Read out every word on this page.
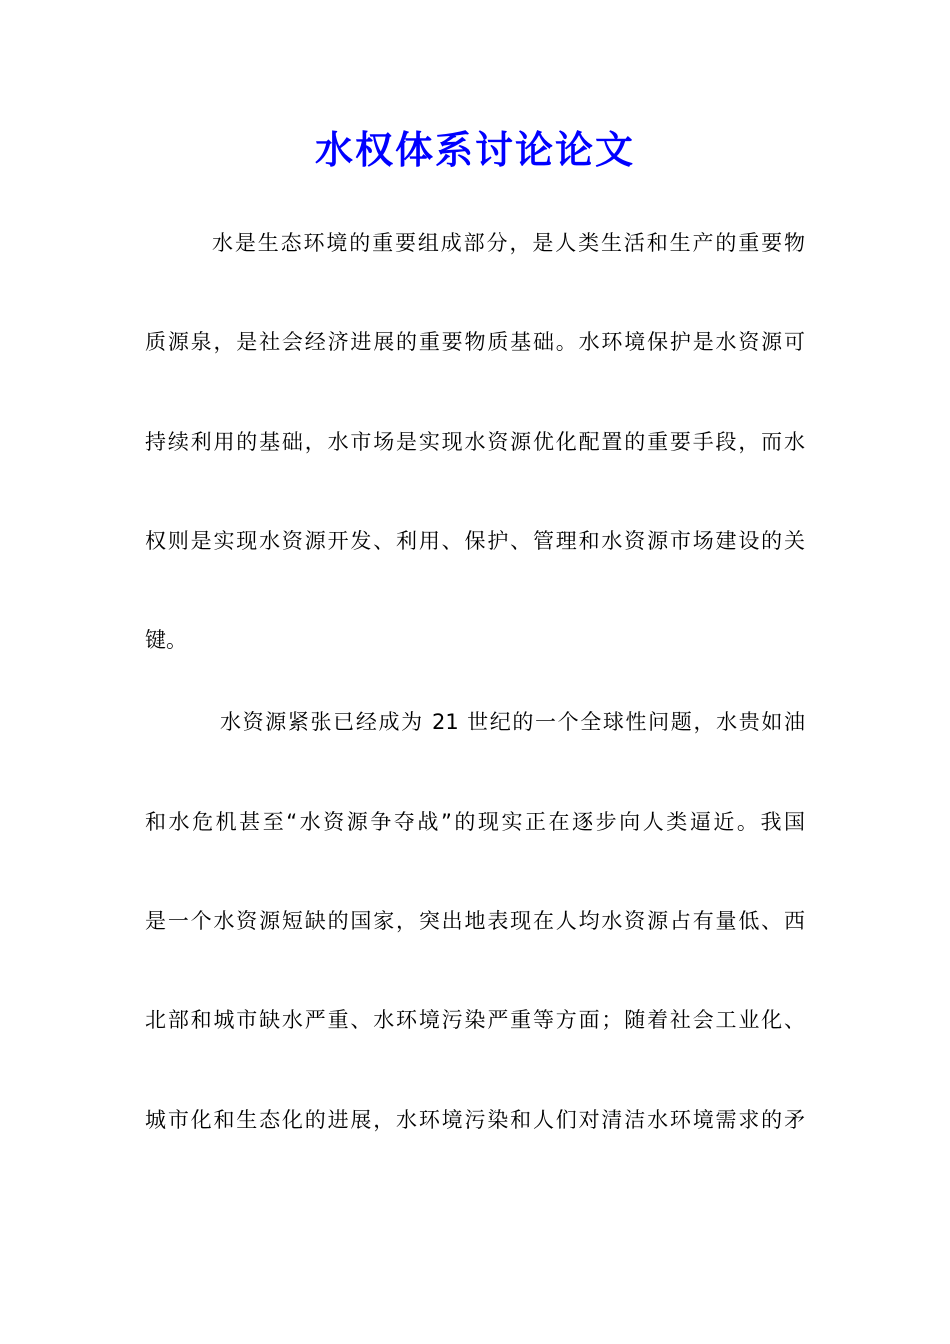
水权体系讨论论文
水是生态环境的重要组成部分，是人类生活和生产的重要物
质源泉，是社会经济进展的重要物质基础。水环境保护是水资源可
持续利用的基础，水市场是实现水资源优化配置的重要手段，而水
权则是实现水资源开发、利用、保护、管理和水资源市场建设的关
键。
水资源紧张已经成为 21 世纪的一个全球性问题，水贵如油
和水危机甚至“水资源争夺战”的现实正在逐步向人类逼近。我国
是一个水资源短缺的国家，突出地表现在人均水资源占有量低、西
北部和城市缺水严重、水环境污染严重等方面；随着社会工业化、
城市化和生态化的进展，水环境污染和人们对清洁水环境需求的矛
